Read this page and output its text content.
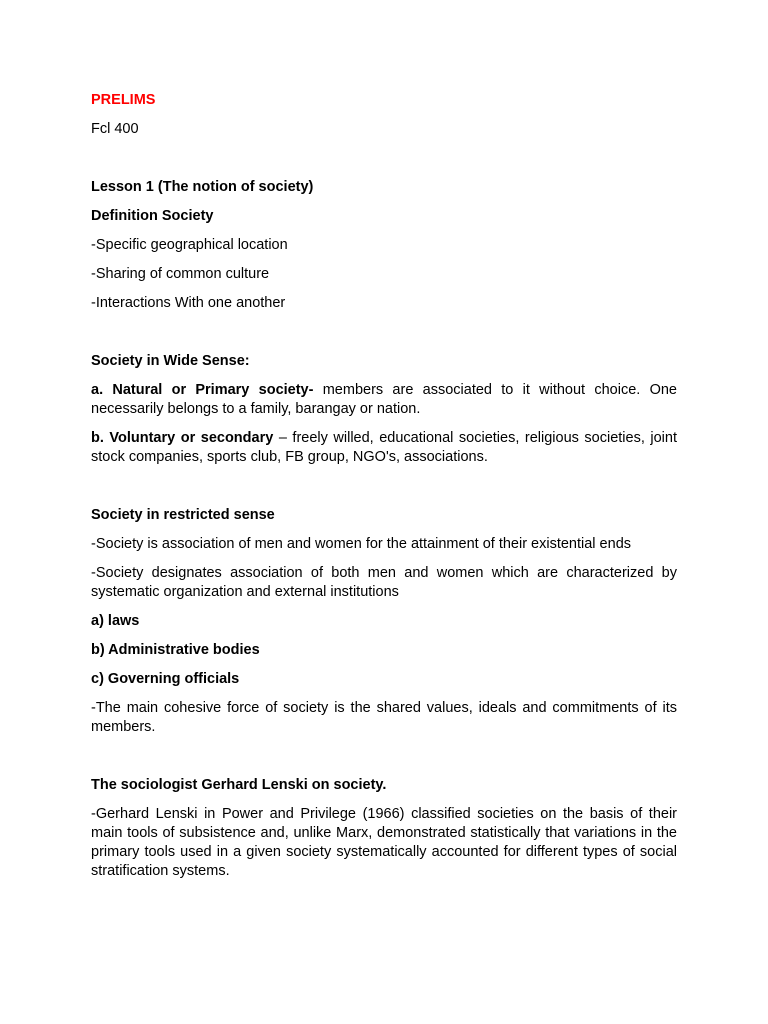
PRELIMS

Fcl 400

Lesson 1 (The notion of society)

Definition Society

-Specific geographical location

-Sharing of common culture

-Interactions With one another

Society in Wide Sense:

a. Natural or Primary society- members are associated to it without choice. One necessarily belongs to a family, barangay or nation.

b. Voluntary or secondary – freely willed, educational societies, religious societies, joint stock companies, sports club, FB group, NGO's, associations.

Society in restricted sense

-Society is association of men and women for the attainment of their existential ends

-Society designates association of both men and women which are characterized by systematic organization and external institutions

a) laws

b) Administrative bodies

c) Governing officials

-The main cohesive force of society is the shared values, ideals and commitments of its members.

The sociologist Gerhard Lenski on society.

-Gerhard Lenski in Power and Privilege (1966) classified societies on the basis of their main tools of subsistence and, unlike Marx, demonstrated statistically that variations in the primary tools used in a given society systematically accounted for different types of social stratification systems.
